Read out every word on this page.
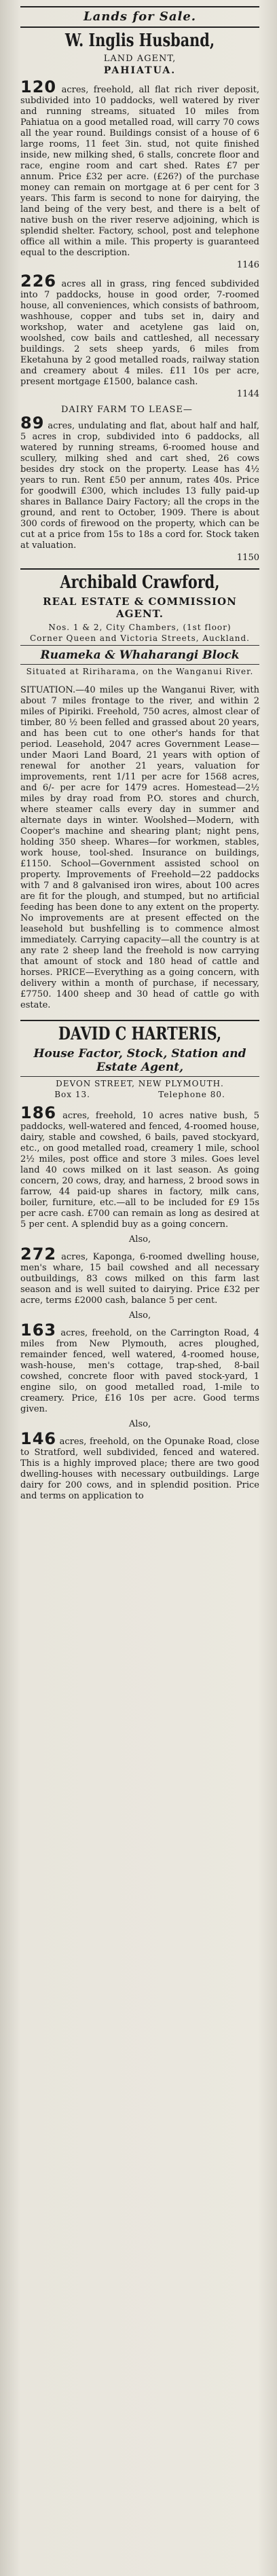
Lands for Sale.
W. Inglis Husband,
LAND AGENT,
PAHIATUA.

120 acres, freehold, all flat rich river deposit, subdivided into 10 paddocks, well watered by river and running streams, situated 10 miles from Pahiatua on a good metalled road, will carry 70 cows all the year round. Buildings consist of a house of 6 large rooms, 11 feet 3in. stud, not quite finished inside, new milking shed, 6 stalls, concrete floor and race, engine room and cart shed. Rates £7 per annum. Price £32 per acre. (£26?) of the purchase money can remain on mortgage at 6 per cent for 3 years. This farm is second to none for dairying, the land being of the very best, and there is a belt of native bush on the river reserve adjoining, which is splendid shelter. Factory, school, post and telephone office all within a mile. This property is guaranteed equal to the description.

1146

226 acres all in grass, ring fenced subdivided into 7 paddocks, house in good order, 7-roomed house, all conveniences, which consists of bathroom, washhouse, copper and tubs set in, dairy and workshop, water and acetylene gas laid on, woolshed, cow bails and cattleshed, all necessary buildings. 2 sets sheep yards, 6 miles from Eketahuna by 2 good metalled roads, railway station and creamery about 4 miles. £11 10s per acre, present mortgage £1500, balance cash.

1144
DAIRY FARM TO LEASE—

89 acres, undulating and flat, about half and half, 5 acres in crop, subdivided into 6 paddocks, all watered by running streams, 6-roomed house and scullery, milking shed and cart shed, 26 cows besides dry stock on the property. Lease has 4½ years to run. Rent £50 per annum, rates 40s. Price for goodwill £300, which includes 13 fully paid-up shares in Ballance Dairy Factory; all the crops in the ground, and rent to October, 1909. There is about 300 cords of firewood on the property, which can be cut at a price from 15s to 18s a cord for. Stock taken at valuation.

1150
Archibald Crawford,
REAL ESTATE & COMMISSION AGENT.
Nos. 1 & 2, City Chambers, (1st floor)
Corner Queen and Victoria Streets, Auckland.
Ruameka & Whaharangi Block
Situated at Ririharama, on the Wanganui River.

SITUATION.—40 miles up the Wanganui River, with about 7 miles frontage to the river, and within 2 miles of Pipiriki. Freehold, 750 acres, almost clear of timber, 80 ½ been felled and grassed about 20 years, and has been cut to one other's hands for that period. Leasehold, 2047 acres Government Lease—under Maori Land Board, 21 years with option of renewal for another 21 years, valuation for improvements, rent 1/11 per acre for 1568 acres, and 6/- per acre for 1479 acres. Homestead—2½ miles by dray road from P.O. stores and church, where steamer calls every day in summer and alternate days in winter. Woolshed—Modern, with Cooper's machine and shearing plant; night pens, holding 350 sheep. Whares—for workmen, stables, work house, tool-shed. Insurance on buildings, £1150. School—Government assisted school on property. Improvements of Freehold—22 paddocks with 7 and 8 galvanised iron wires, about 100 acres are fit for the plough, and stumped, but no artificial feeding has been done to any extent on the property. No improvements are at present effected on the leasehold but bushfelling is to commence almost immediately. Carrying capacity—all the country is at any rate 2 sheep land the freehold is now carrying that amount of stock and 180 head of cattle and horses. PRICE—Everything as a going concern, with delivery within a month of purchase, if necessary, £7750. 1400 sheep and 30 head of cattle go with estate.

DAVID C HARTERIS,
House Factor, Stock, Station and Estate Agent,
DEVON STREET, NEW PLYMOUTH.
Box 13.	Telephone 80.

186 acres, freehold, 10 acres native bush, 5 paddocks, well-watered and fenced, 4-roomed house, dairy, stable and cowshed, 6 bails, paved stockyard, etc., on good metalled road, creamery 1 mile, school 2½ miles, post office and store 3 miles. Goes level land 40 cows milked on it last season. As going concern, 20 cows, dray, and harness, 2 brood sows in farrow, 44 paid-up shares in factory, milk cans, boiler, furniture, etc.—all to be included for £9 15s per acre cash. £700 can remain as long as desired at 5 per cent. A splendid buy as a going concern.

Also,

272 acres, Kaponga, 6-roomed dwelling house, men's whare, 15 bail cowshed and all necessary outbuildings, 83 cows milked on this farm last season and is well suited to dairying. Price £32 per acre, terms £2000 cash, balance 5 per cent.

Also,

163 acres, freehold, on the Carrington Road, 4 miles from New Plymouth, acres ploughed, remainder fenced, well watered, 4-roomed house, wash-house, men's cottage, trap-shed, 8-bail cowshed, concrete floor with paved stock-yard, 1 engine silo, on good metalled road, 1-mile to creamery. Price, £16 10s per acre. Good terms given.

Also,

146 acres, freehold, on the Opunake Road, close to Stratford, well subdivided, fenced and watered. This is a highly improved place; there are two good dwelling-houses with necessary outbuildings. Large dairy for 200 cows, and in splendid position. Price and terms on application to
